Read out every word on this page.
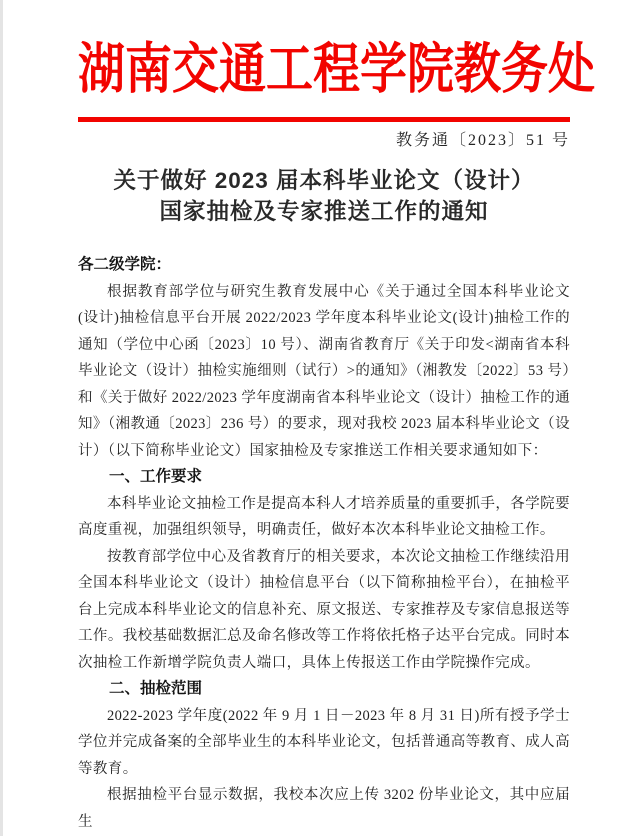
湖南交通工程学院教务处
教务通〔2023〕51 号
关于做好 2023 届本科毕业论文（设计）
国家抽检及专家推送工作的通知
各二级学院：
根据教育部学位与研究生教育发展中心《关于通过全国本科毕业论文(设计)抽检信息平台开展 2022/2023 学年度本科毕业论文(设计)抽检工作的通知（学位中心函〔2023〕10 号）、湖南省教育厅《关于印发<湖南省本科毕业论文（设计）抽检实施细则（试行）>的通知》（湘教发〔2022〕53 号）和《关于做好 2022/2023 学年度湖南省本科毕业论文（设计）抽检工作的通知》（湘教通〔2023〕236 号）的要求，现对我校 2023 届本科毕业论文（设计）（以下简称毕业论文）国家抽检及专家推送工作相关要求通知如下：
一、工作要求
本科毕业论文抽检工作是提高本科人才培养质量的重要抓手，各学院要高度重视，加强组织领导，明确责任，做好本次本科毕业论文抽检工作。
按教育部学位中心及省教育厅的相关要求，本次论文抽检工作继续沿用全国本科毕业论文（设计）抽检信息平台（以下简称抽检平台），在抽检平台上完成本科毕业论文的信息补充、原文报送、专家推荐及专家信息报送等工作。我校基础数据汇总及命名修改等工作将依托格子达平台完成。同时本次抽检工作新增学院负责人端口，具体上传报送工作由学院操作完成。
二、抽检范围
2022-2023 学年度(2022 年 9 月 1 日－2023 年 8 月 31 日)所有授予学士学位并完成备案的全部毕业生的本科毕业论文，包括普通高等教育、成人高等教育。
根据抽检平台显示数据，我校本次应上传 3202 份毕业论文，其中应届生
